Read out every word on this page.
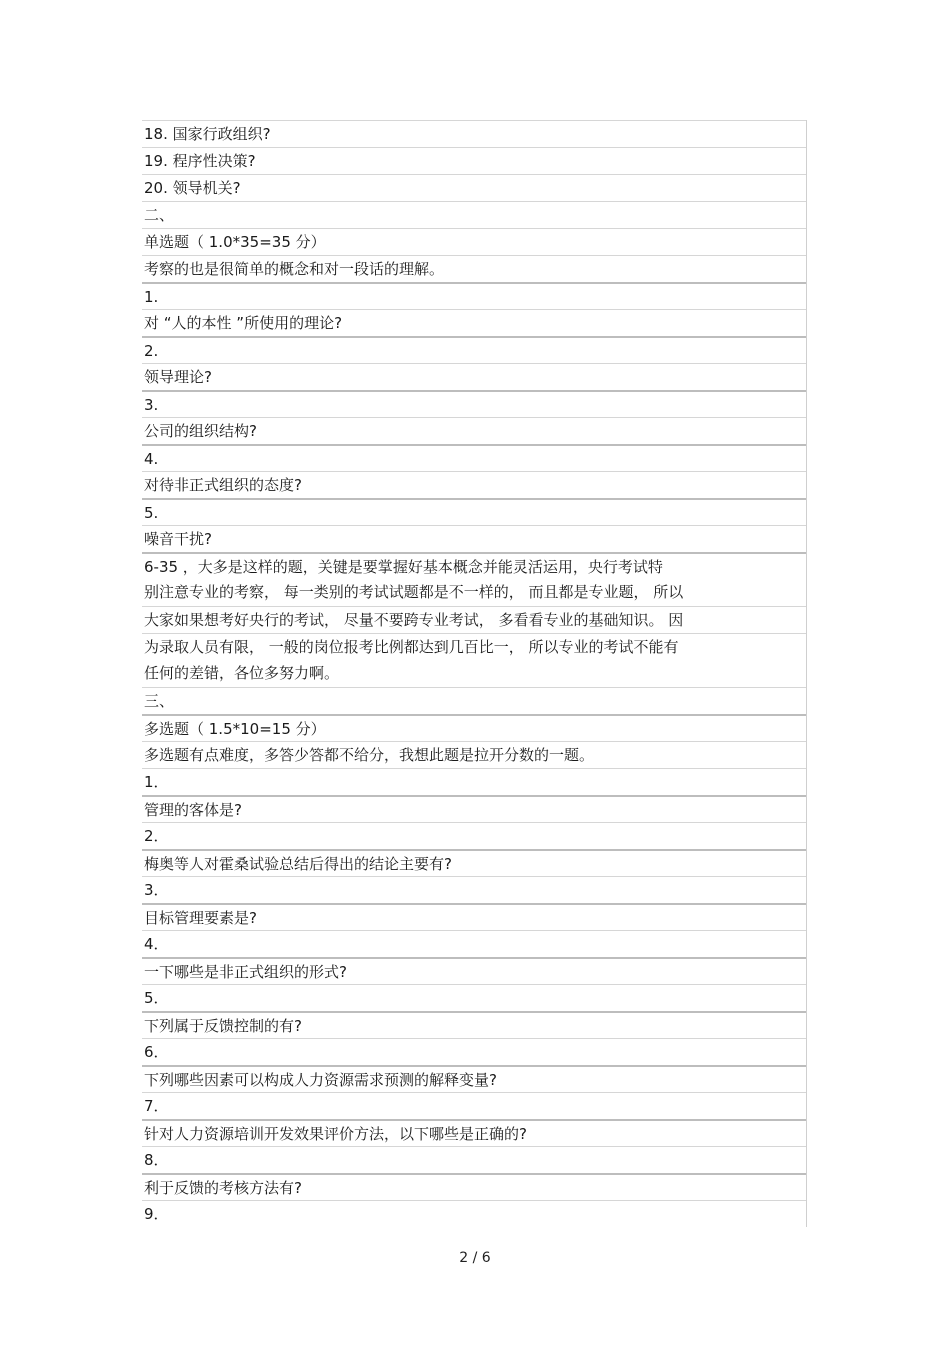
18. 国家行政组织?
19. 程序性决策?
20. 领导机关?
二、
单选题（ 1.0*35=35 分）
考察的也是很简单的概念和对一段话的理解。
1.
对 “人的本性 ”所使用的理论?
2.
领导理论?
3.
公司的组织结构?
4.
对待非正式组织的态度?
5.
噪音干扰?
6-35 ，大多是这样的题，关键是要掌握好基本概念并能灵活运用，央行考试特
别注意专业的考察， 每一类别的考试试题都是不一样的， 而且都是专业题， 所以
大家如果想考好央行的考试， 尽量不要跨专业考试， 多看看专业的基础知识。 因
为录取人员有限， 一般的岗位报考比例都达到几百比一， 所以专业的考试不能有
任何的差错，各位多努力啊。
三、
多选题（ 1.5*10=15 分）
多选题有点难度，多答少答都不给分，我想此题是拉开分数的一题。
1．
管理的客体是?
2．
梅奥等人对霍桑试验总结后得出的结论主要有?
3．
目标管理要素是?
4．
一下哪些是非正式组织的形式?
5．
下列属于反馈控制的有?
6．
下列哪些因素可以构成人力资源需求预测的解释变量?
7．
针对人力资源培训开发效果评价方法，以下哪些是正确的?
8．
利于反馈的考核方法有?
9．
2 / 6
